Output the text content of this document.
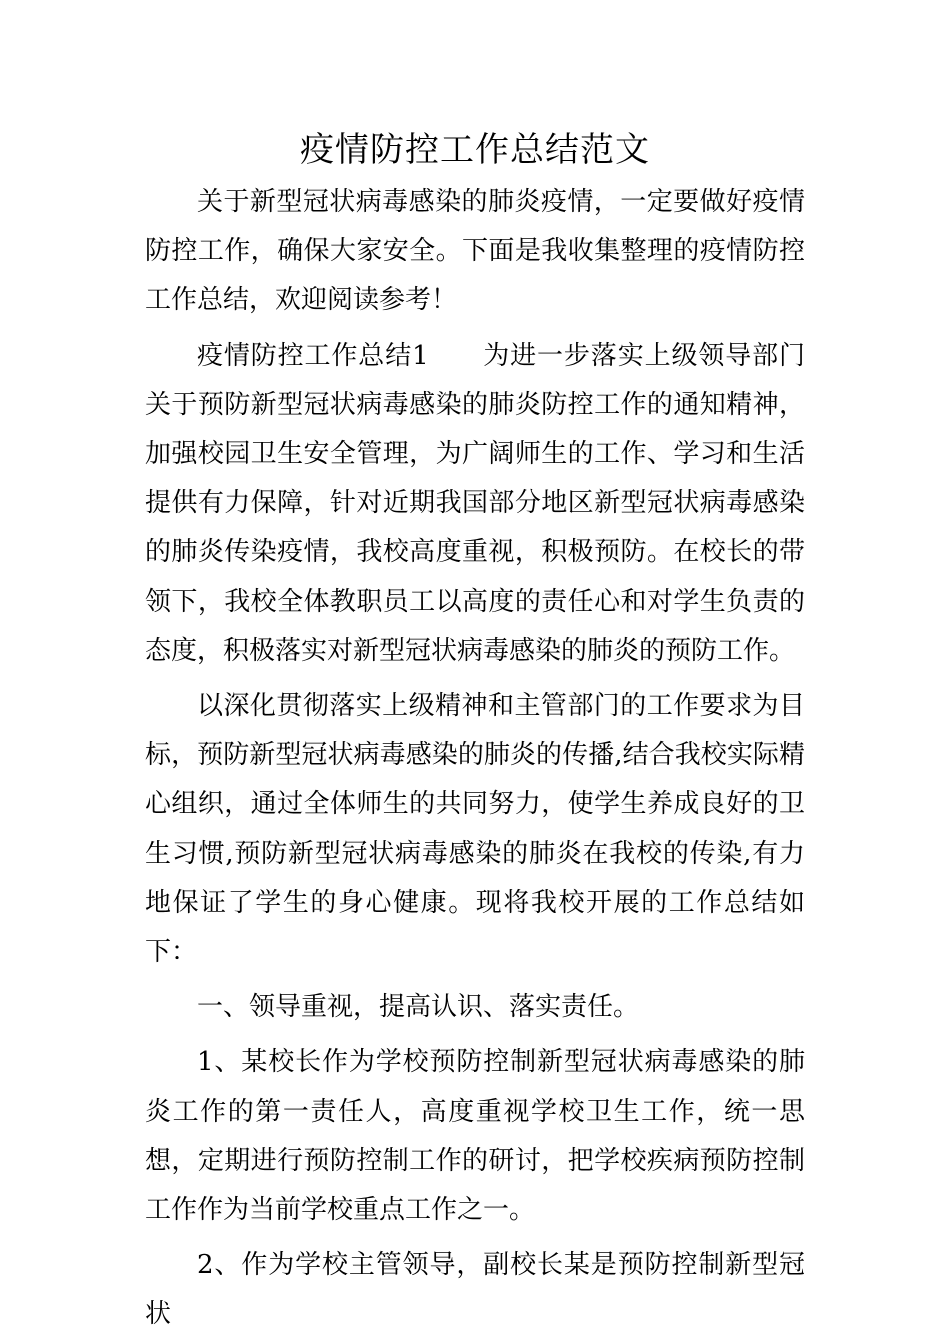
疫情防控工作总结范文

关于新型冠状病毒感染的肺炎疫情，一定要做好疫情防控工作，确保大家安全。下面是我收集整理的疫情防控工作总结，欢迎阅读参考！

疫情防控工作总结1　　为进一步落实上级领导部门关于预防新型冠状病毒感染的肺炎防控工作的通知精神，加强校园卫生安全管理，为广阔师生的工作、学习和生活提供有力保障，针对近期我国部分地区新型冠状病毒感染的肺炎传染疫情，我校高度重视，积极预防。在校长的带领下，我校全体教职员工以高度的责任心和对学生负责的态度，积极落实对新型冠状病毒感染的肺炎的预防工作。

以深化贯彻落实上级精神和主管部门的工作要求为目标，预防新型冠状病毒感染的肺炎的传播,结合我校实际精心组织，通过全体师生的共同努力，使学生养成良好的卫生习惯,预防新型冠状病毒感染的肺炎在我校的传染,有力地保证了学生的身心健康。现将我校开展的工作总结如下：

一、领导重视，提高认识、落实责任。

1、某校长作为学校预防控制新型冠状病毒感染的肺炎工作的第一责任人，高度重视学校卫生工作，统一思想，定期进行预防控制工作的研讨，把学校疾病预防控制工作作为当前学校重点工作之一。

2、作为学校主管领导，副校长某是预防控制新型冠状
